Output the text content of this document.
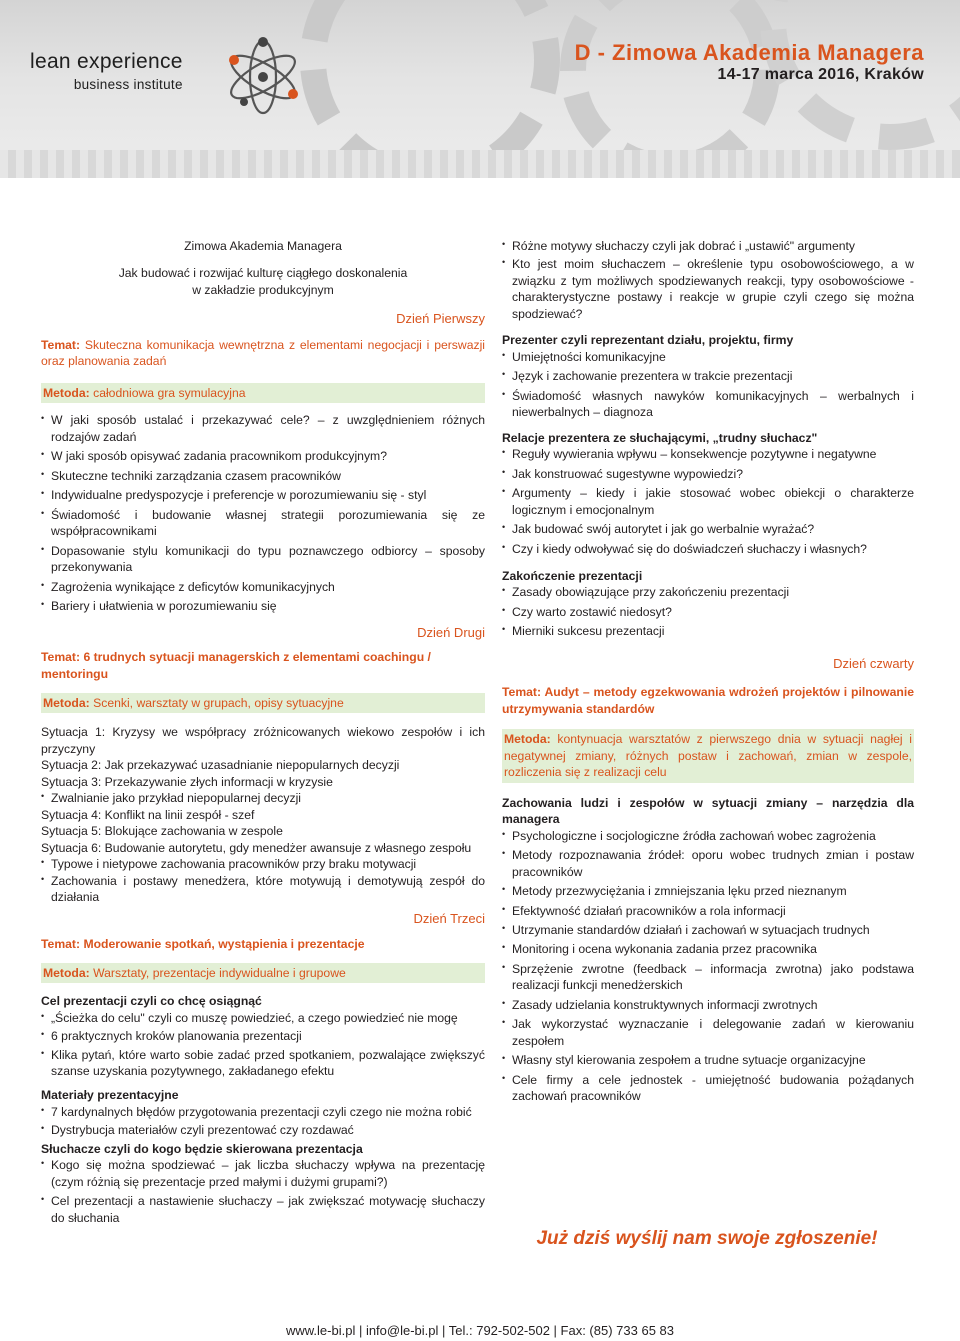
lean experience
business institute
D - Zimowa Akademia Managera
14-17 marca 2016, Kraków

Zimowa Akademia Managera

Jak budować i rozwijać kulturę ciągłego doskonalenia

w zakładzie produkcyjnym

Dzień Pierwszy

Temat: Skuteczna komunikacja wewnętrzna z elementami negocjacji i perswazji oraz planowania zadań

Metoda: całodniowa gra symulacyjna

• W jaki sposób ustalać i przekazywać cele? – z uwzględnieniem różnych rodzajów zadań

• W jaki sposób opisywać zadania pracownikom produkcyjnym?

• Skuteczne techniki zarządzania czasem pracowników

• Indywidualne predyspozycje i preferencje w porozumiewaniu się - styl

• Świadomość i budowanie własnej strategii porozumiewania się ze współpracownikami

• Dopasowanie stylu komunikacji do typu poznawczego odbiorcy – sposoby przekonywania

• Zagrożenia wynikające z deficytów komunikacyjnych

• Bariery i ułatwienia w porozumiewaniu się

Dzień Drugi

Temat: 6 trudnych sytuacji managerskich z elementami coachingu / mentoringu

Metoda: Scenki, warsztaty w grupach, opisy sytuacyjne

Sytuacja 1: Kryzysy we współpracy zróżnicowanych wiekowo zespołów i ich przyczyny

Sytuacja 2: Jak przekazywać uzasadnianie niepopularnych decyzji

Sytuacja 3: Przekazywanie złych informacji w kryzysie

• Zwalnianie jako przykład niepopularnej decyzji

Sytuacja 4: Konflikt na linii zespół - szef

Sytuacja 5: Blokujące zachowania w zespole

Sytuacja 6: Budowanie autorytetu, gdy menedżer awansuje z własnego zespołu

• Typowe i nietypowe zachowania pracowników przy braku motywacji

• Zachowania i postawy menedżera, które motywują i demotywują zespół do działania

Dzień Trzeci

Temat: Moderowanie spotkań, wystąpienia i prezentacje

Metoda: Warsztaty, prezentacje indywidualne i grupowe

Cel prezentacji czyli co chcę osiągnąć

• „Ścieżka do celu" czyli co muszę powiedzieć, a czego powiedzieć nie mogę

• 6 praktycznych kroków planowania prezentacji

• Klika pytań, które warto sobie zadać przed spotkaniem, pozwalające zwiększyć szanse uzyskania pozytywnego, zakładanego efektu

Materiały prezentacyjne

• 7 kardynalnych błędów przygotowania prezentacji czyli czego nie można robić

• Dystrybucja materiałów czyli prezentować czy rozdawać

Słuchacze czyli do kogo będzie skierowana prezentacja

• Kogo się można spodziewać – jak liczba słuchaczy wpływa na prezentację (czym różnią się prezentacje przed małymi i dużymi grupami?)

• Cel prezentacji a nastawienie słuchaczy – jak zwiększać motywację słuchaczy do słuchania

• Różne motywy słuchaczy czyli jak dobrać i „ustawić" argumenty

• Kto jest moim słuchaczem – określenie typu osobowościowego, a w związku z tym możliwych spodziewanych reakcji, typy osobowościowe - charakterystyczne postawy i reakcje w grupie czyli czego się można spodziewać?

Prezenter czyli reprezentant działu, projektu, firmy

• Umiejętności komunikacyjne

• Język i zachowanie prezentera w trakcie prezentacji

• Świadomość własnych nawyków komunikacyjnych – werbalnych i niewerbalnych – diagnoza

Relacje prezentera ze słuchającymi, „trudny słuchacz"

• Reguły wywierania wpływu – konsekwencje pozytywne i negatywne

• Jak konstruować sugestywne wypowiedzi?

• Argumenty – kiedy i jakie stosować wobec obiekcji o charakterze logicznym i emocjonalnym

• Jak budować swój autorytet i jak go werbalnie wyrażać?

• Czy i kiedy odwoływać się do doświadczeń słuchaczy i własnych?

Zakończenie prezentacji

• Zasady obowiązujące przy zakończeniu prezentacji

• Czy warto zostawić niedosyt?

• Mierniki sukcesu prezentacji

Dzień czwarty

Temat: Audyt – metody egzekwowania wdrożeń projektów i pilnowanie utrzymywania standardów

Metoda: kontynuacja warsztatów z pierwszego dnia w sytuacji nagłej i negatywnej zmiany, różnych postaw i zachowań, zmian w zespole, rozliczenia się z realizacji celu

Zachowania ludzi i zespołów w sytuacji zmiany – narzędzia dla managera

• Psychologiczne i socjologiczne źródła zachowań wobec zagrożenia

• Metody rozpoznawania źródeł: oporu wobec trudnych zmian i postaw pracowników

• Metody przezwyciężania i zmniejszania lęku przed nieznanym

• Efektywność działań pracowników a rola informacji

• Utrzymanie standardów działań i zachowań w sytuacjach trudnych

• Monitoring i ocena wykonania zadania przez pracownika

• Sprzężenie zwrotne (feedback – informacja zwrotna) jako podstawa realizacji funkcji menedżerskich

• Zasady udzielania konstruktywnych informacji zwrotnych

• Jak wykorzystać wyznaczanie i delegowanie zadań w kierowaniu zespołem

• Własny styl kierowania zespołem a trudne sytuacje organizacyjne

• Cele firmy a cele jednostek - umiejętność budowania pożądanych zachowań pracowników

Już dziś wyślij nam swoje zgłoszenie!
www.le-bi.pl | info@le-bi.pl | Tel.: 792-502-502 | Fax: (85) 733 65 83
